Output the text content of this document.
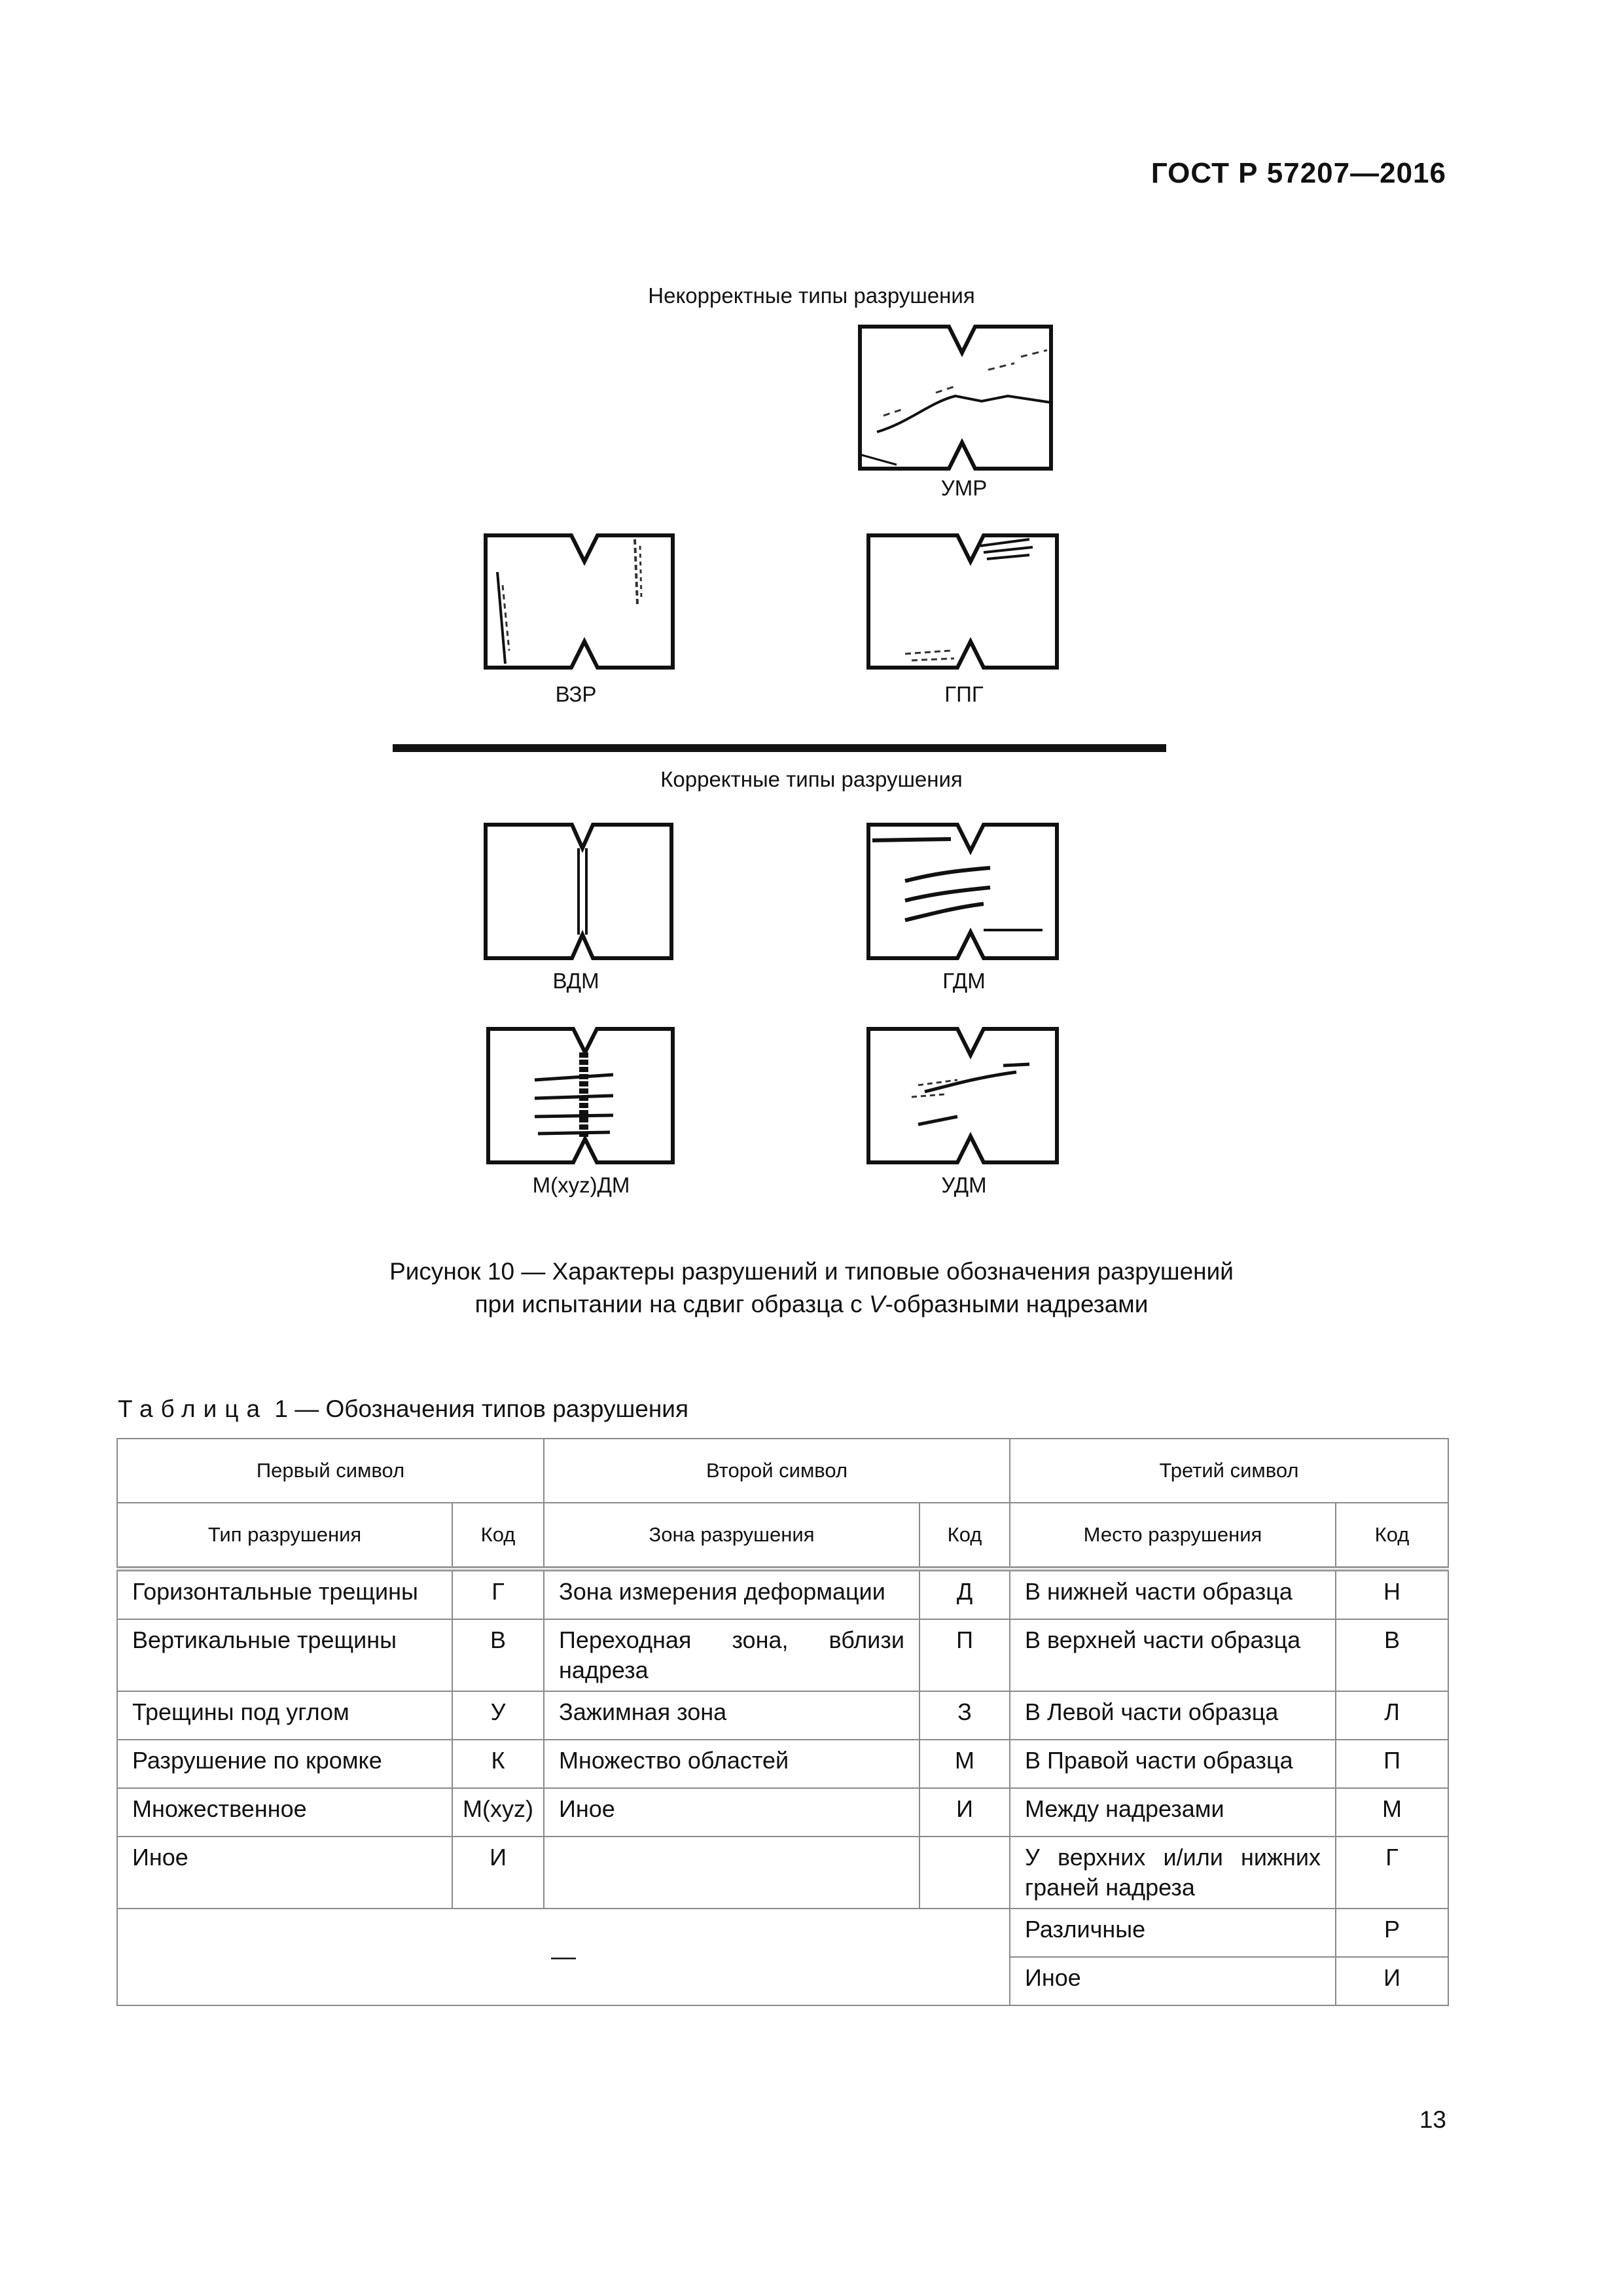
ГОСТ Р 57207—2016
Некорректные типы разрушения
УМР
ВЗР	ГПГ
Корректные типы разрушения
ВДМ	ГДМ
М(xyz)ДМ	УДМ
Рисунок 10 — Характеры разрушений и типовые обозначения разрушений
при испытании на сдвиг образца с V-образными надрезами
Таблица 1 — Обозначения типов разрушения
Первый символ		Второй символ		Третий символ	
Тип разрушения	Код	Зона разрушения	Код	Место разрушения	Код
Горизонтальные трещины	Г	Зона измерения деформации	Д	В нижней части образца	Н
Вертикальные трещины	В	Переходная зона, вблизи надреза	П	В верхней части образца	В
Трещины под углом	У	Зажимная зона	З	В Левой части образца	Л
Разрушение по кромке	К	Множество областей	М	В Правой части образца	П
Множественное	М(xyz)	Иное	И	Между надрезами	М
Иное	И			У верхних и/или нижних граней надреза	Г
—				Различные	Р
				Иное	И
13
